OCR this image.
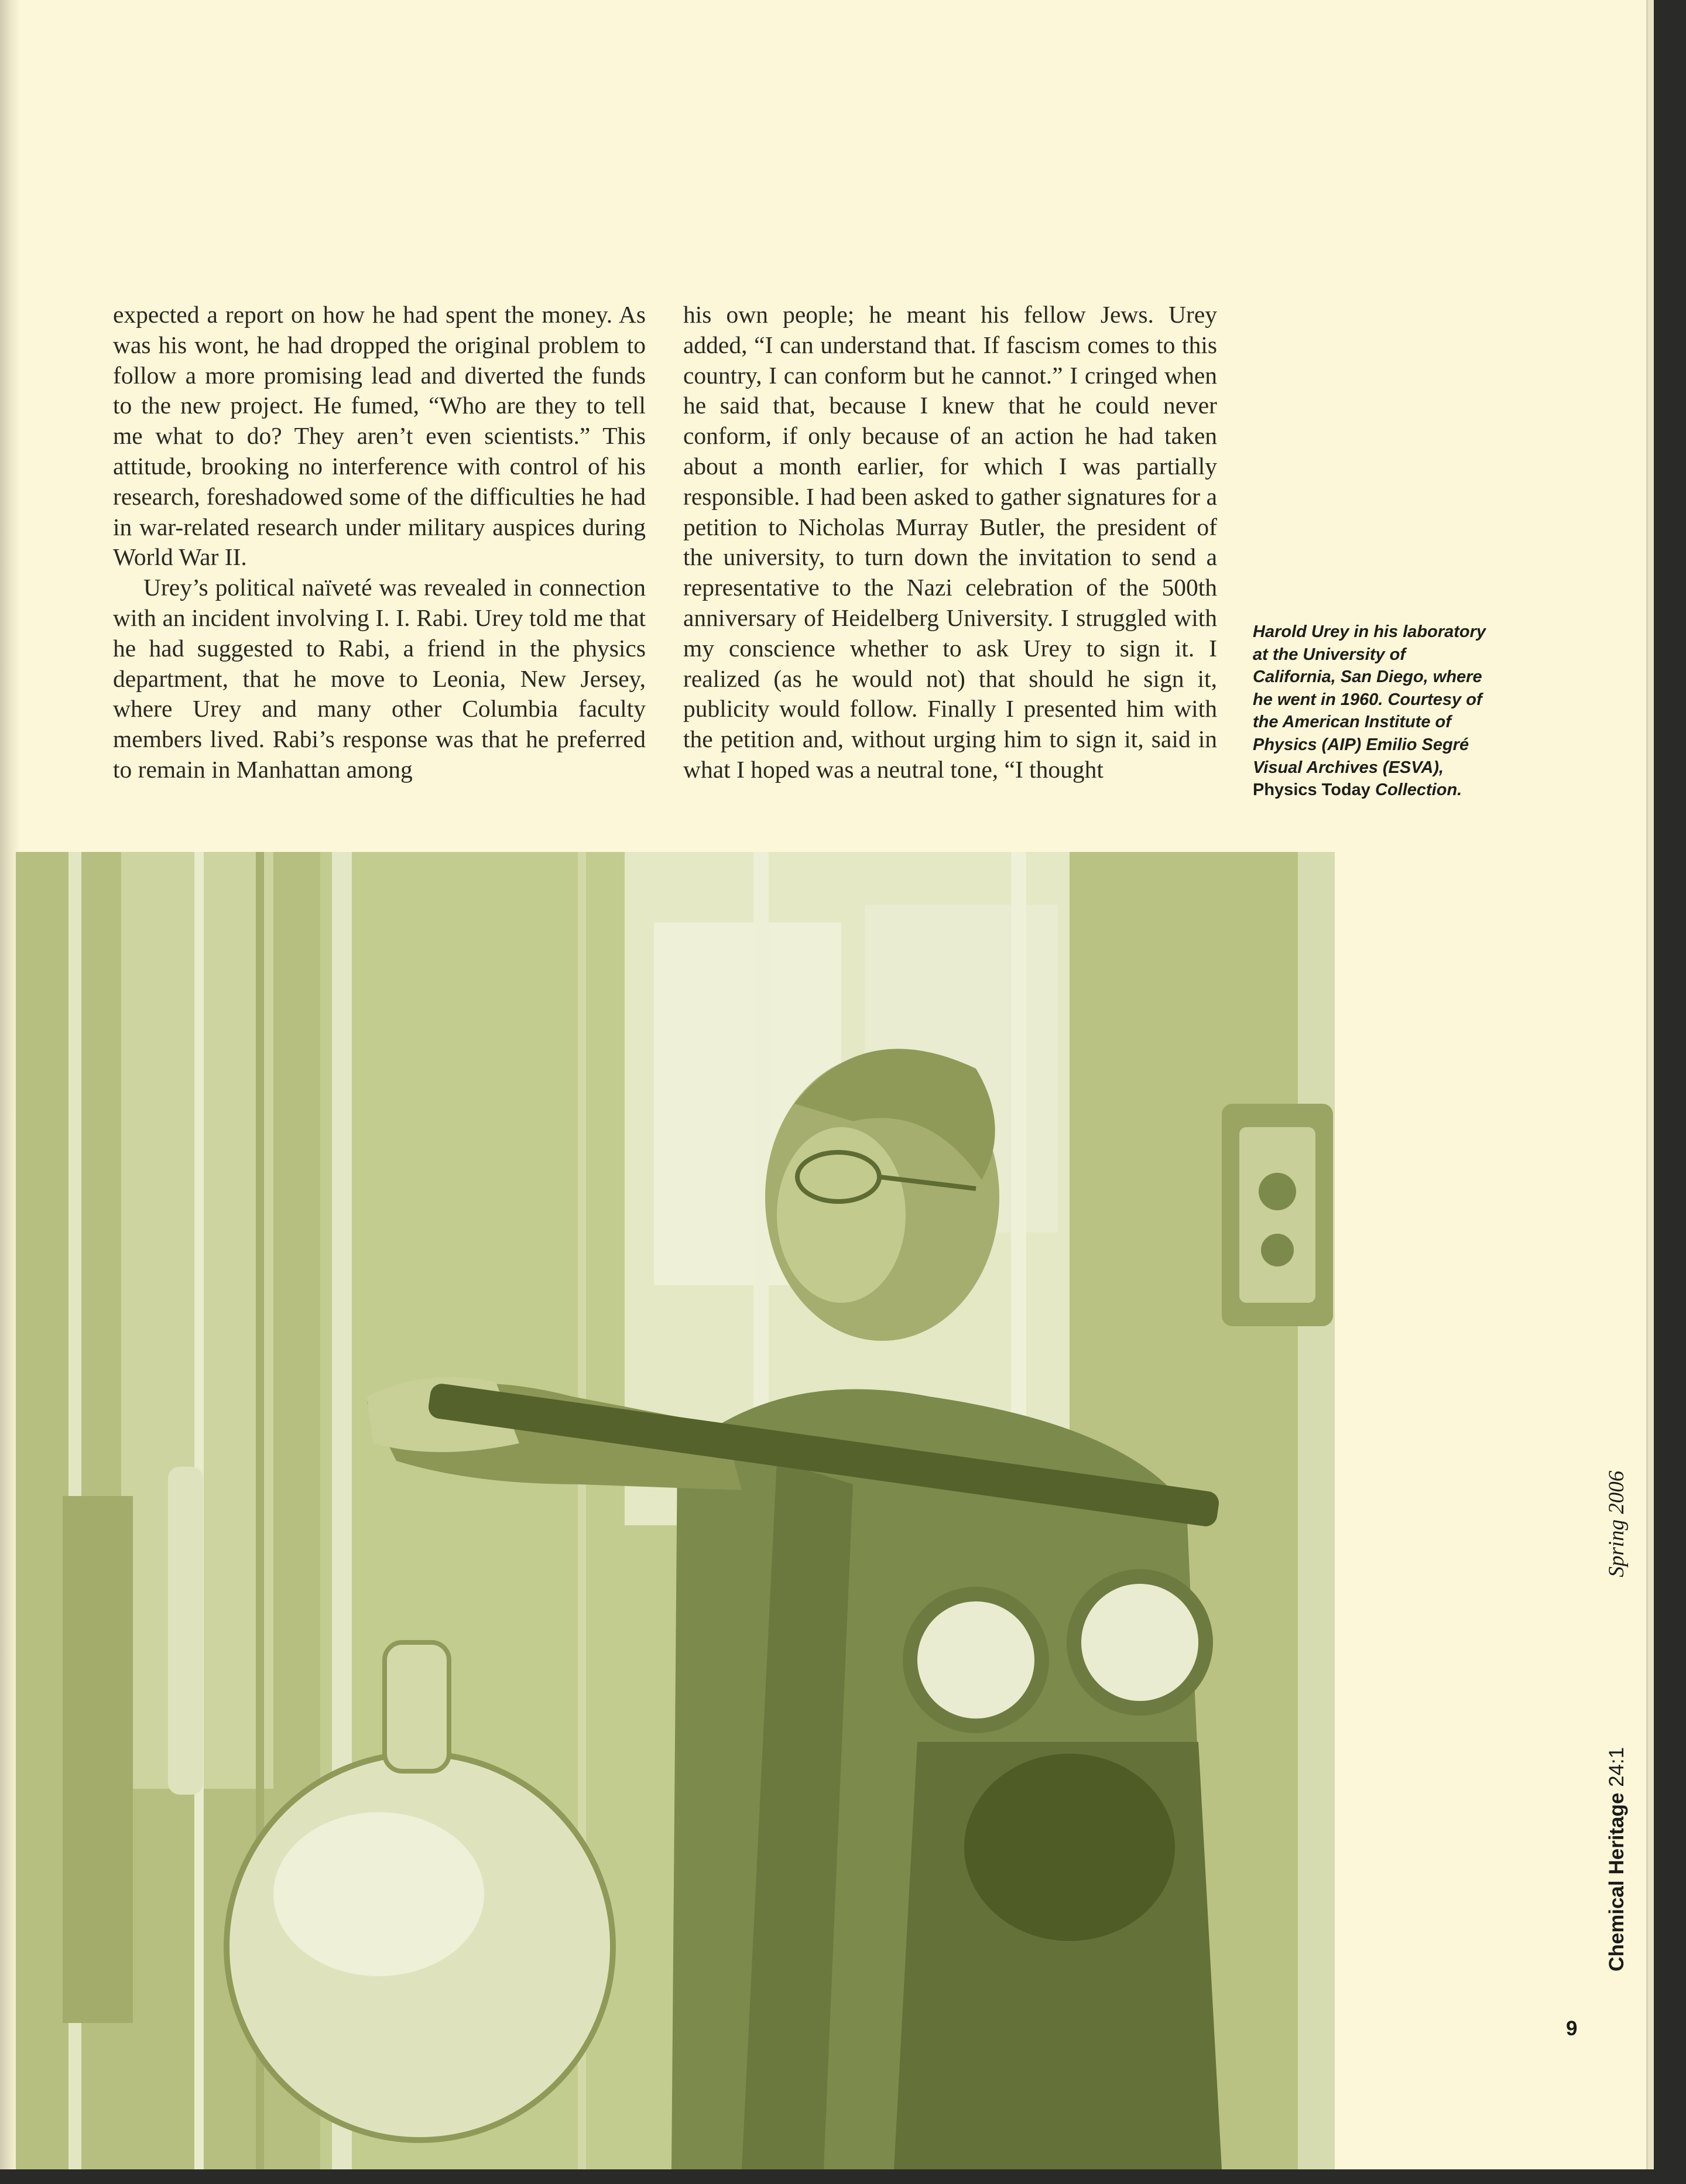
expected a report on how he had spent the money. As was his wont, he had dropped the original problem to follow a more promising lead and diverted the funds to the new project. He fumed, “Who are they to tell me what to do? They aren’t even scientists.” This attitude, brooking no interference with control of his research, foreshadowed some of the difficulties he had in war-related research under military auspices during World War II.

Urey’s political naïveté was revealed in connection with an incident involving I. I. Rabi. Urey told me that he had suggested to Rabi, a friend in the physics department, that he move to Leonia, New Jersey, where Urey and many other Columbia faculty members lived. Rabi’s response was that he preferred to remain in Manhattan among

his own people; he meant his fellow Jews. Urey added, “I can understand that. If fascism comes to this country, I can conform but he cannot.” I cringed when he said that, because I knew that he could never conform, if only because of an action he had taken about a month earlier, for which I was partially responsible. I had been asked to gather signatures for a petition to Nicholas Murray Butler, the president of the university, to turn down the invitation to send a representative to the Nazi celebration of the 500th anniversary of Heidelberg University. I struggled with my conscience whether to ask Urey to sign it. I realized (as he would not) that should he sign it, publicity would follow. Finally I presented him with the petition and, without urging him to sign it, said in what I hoped was a neutral tone, “I thought

Harold Urey in his laboratory at the University of California, San Diego, where he went in 1960. Courtesy of the American Institute of Physics (AIP) Emilio Segré Visual Archives (ESVA), Physics Today Collection.
Chemical Heritage 24:1Spring 2006
9
